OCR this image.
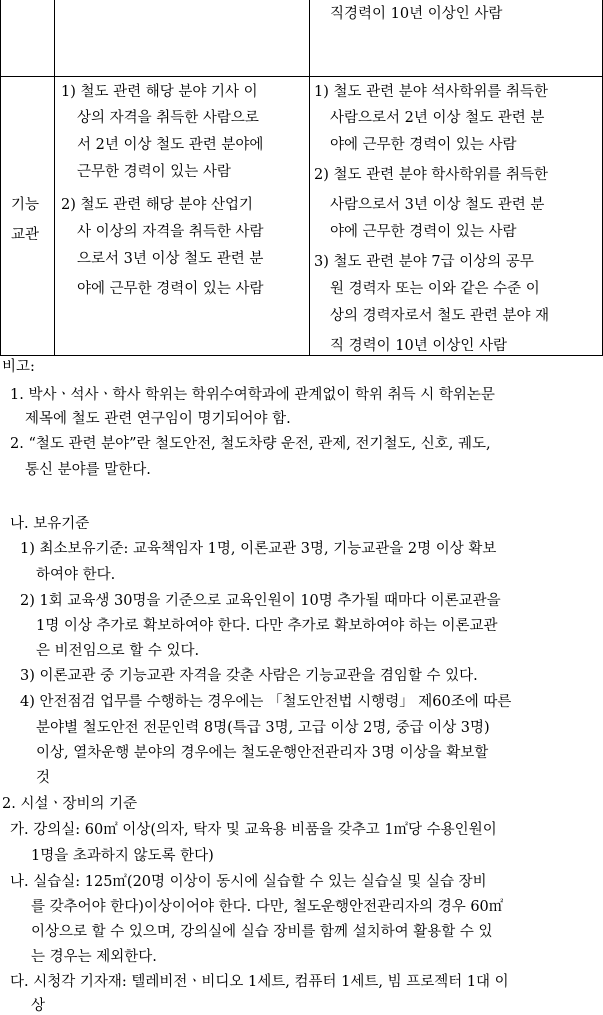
직경력이 10년 이상인 사람
기능
교관
1) 철도 관련 해당 분야 기사 이
상의 자격을 취득한 사람으로
서 2년 이상 철도 관련 분야에
근무한 경력이 있는 사람
2) 철도 관련 해당 분야 산업기
사 이상의 자격을 취득한 사람
으로서 3년 이상 철도 관련 분
야에 근무한 경력이 있는 사람
1) 철도 관련 분야 석사학위를 취득한
사람으로서 2년 이상 철도 관련 분
야에 근무한 경력이 있는 사람
2) 철도 관련 분야 학사학위를 취득한
사람으로서 3년 이상 철도 관련 분
야에 근무한 경력이 있는 사람
3) 철도 관련 분야 7급 이상의 공무
원 경력자 또는 이와 같은 수준 이
상의 경력자로서 철도 관련 분야 재
직 경력이 10년 이상인 사람
비고:
1. 박사ㆍ석사ㆍ학사 학위는 학위수여학과에 관계없이 학위 취득 시 학위논문
제목에 철도 관련 연구임이 명기되어야 함.
2. “철도 관련 분야”란 철도안전, 철도차량 운전, 관제, 전기철도, 신호, 궤도,
통신 분야를 말한다.
나. 보유기준
1) 최소보유기준: 교육책임자 1명, 이론교관 3명, 기능교관을 2명 이상 확보
하여야 한다.
2) 1회 교육생 30명을 기준으로 교육인원이 10명 추가될 때마다 이론교관을
1명 이상 추가로 확보하여야 한다. 다만 추가로 확보하여야 하는 이론교관
은 비전임으로 할 수 있다.
3) 이론교관 중 기능교관 자격을 갖춘 사람은 기능교관을 겸임할 수 있다.
4) 안전점검 업무를 수행하는 경우에는 「철도안전법 시행령」 제60조에 따른
분야별 철도안전 전문인력 8명(특급 3명, 고급 이상 2명, 중급 이상 3명)
이상, 열차운행 분야의 경우에는 철도운행안전관리자 3명 이상을 확보할
것
2. 시설ㆍ장비의 기준
가. 강의실: 60㎡ 이상(의자, 탁자 및 교육용 비품을 갖추고 1㎡당 수용인원이
1명을 초과하지 않도록 한다)
나. 실습실: 125㎡(20명 이상이 동시에 실습할 수 있는 실습실 및 실습 장비
를 갖추어야 한다)이상이어야 한다. 다만, 철도운행안전관리자의 경우 60㎡
이상으로 할 수 있으며, 강의실에 실습 장비를 함께 설치하여 활용할 수 있
는 경우는 제외한다.
다. 시청각 기자재: 텔레비전ㆍ비디오 1세트, 컴퓨터 1세트, 빔 프로젝터 1대 이
상
